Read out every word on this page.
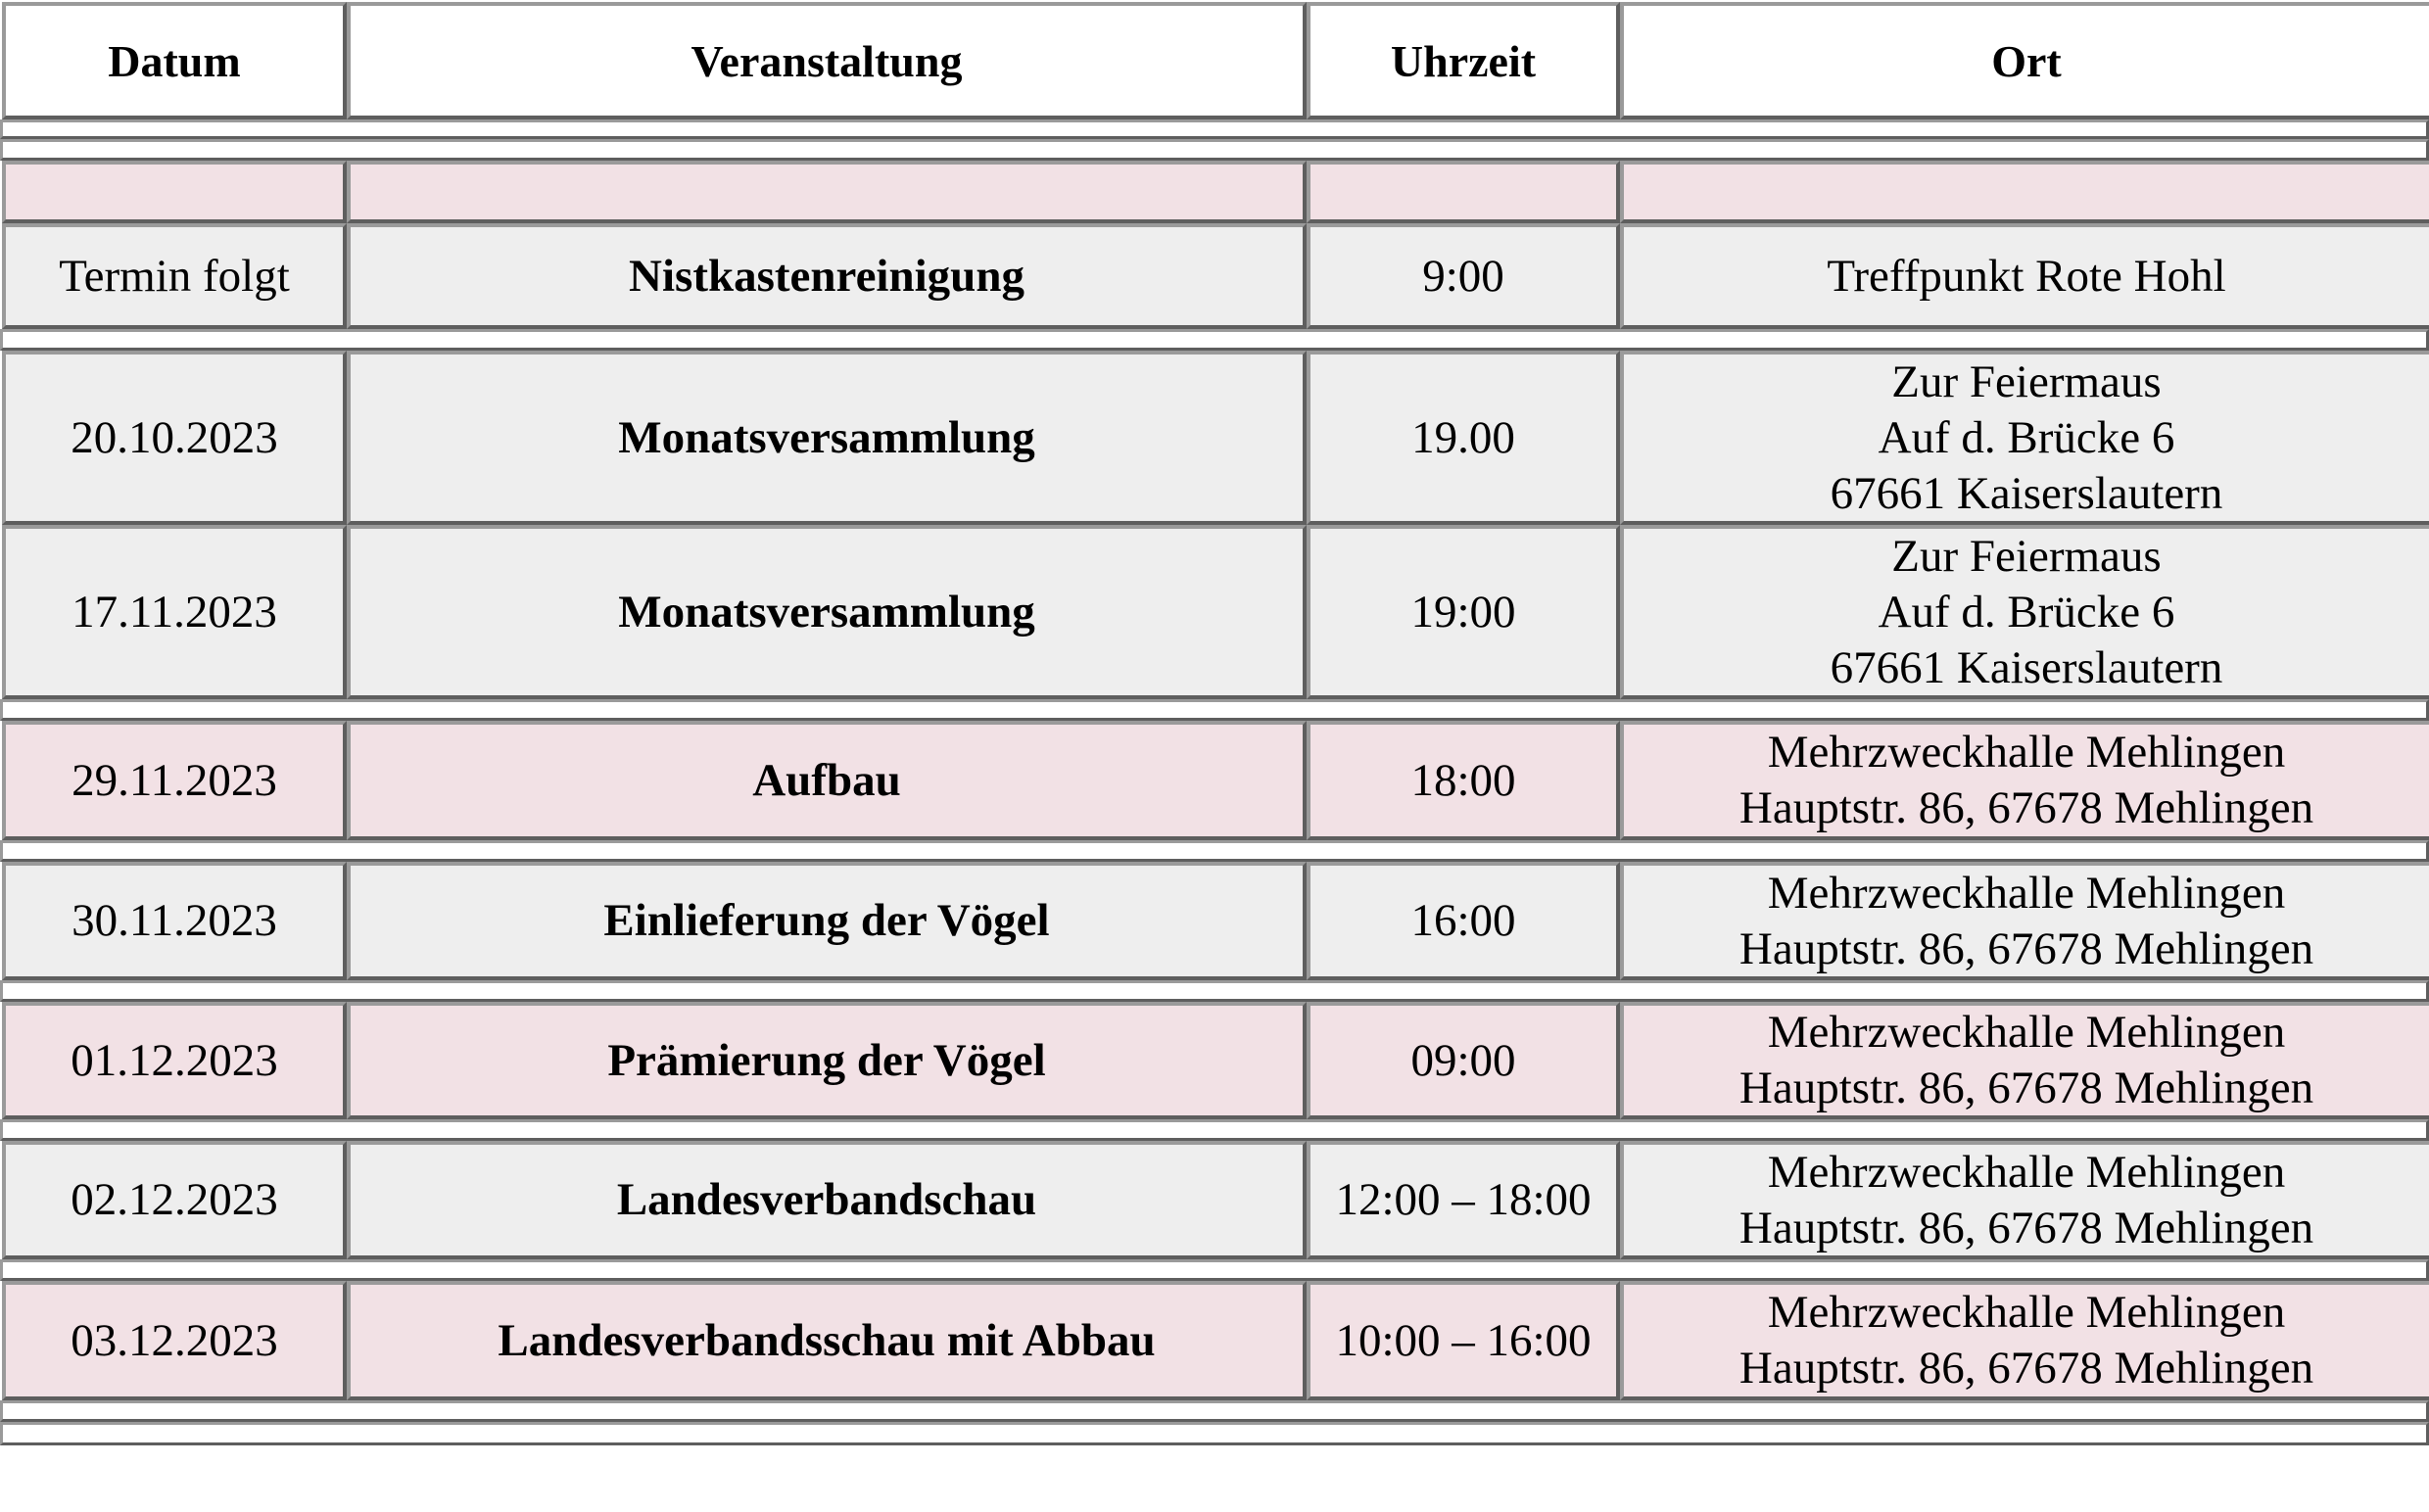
Datum	Veranstaltung	Uhrzeit	Ort
Termin folgt	Nistkastenreinigung	9:00	Treffpunkt Rote Hohl
20.10.2023	Monatsversammlung	19.00
Zur Feiermaus
Auf d. Brücke 6
67661 Kaiserslautern
17.11.2023	Monatsversammlung	19:00
Zur Feiermaus
Auf d. Brücke 6
67661 Kaiserslautern
29.11.2023	Aufbau	18:00
Mehrzweckhalle Mehlingen
Hauptstr. 86, 67678 Mehlingen
30.11.2023	Einlieferung der Vögel	16:00
Mehrzweckhalle Mehlingen
Hauptstr. 86, 67678 Mehlingen
01.12.2023	Prämierung der Vögel	09:00
Mehrzweckhalle Mehlingen
Hauptstr. 86, 67678 Mehlingen
02.12.2023	Landesverbandschau	12:00 – 18:00
Mehrzweckhalle Mehlingen
Hauptstr. 86, 67678 Mehlingen
03.12.2023	Landesverbandsschau mit Abbau	10:00 – 16:00
Mehrzweckhalle Mehlingen
Hauptstr. 86, 67678 Mehlingen
